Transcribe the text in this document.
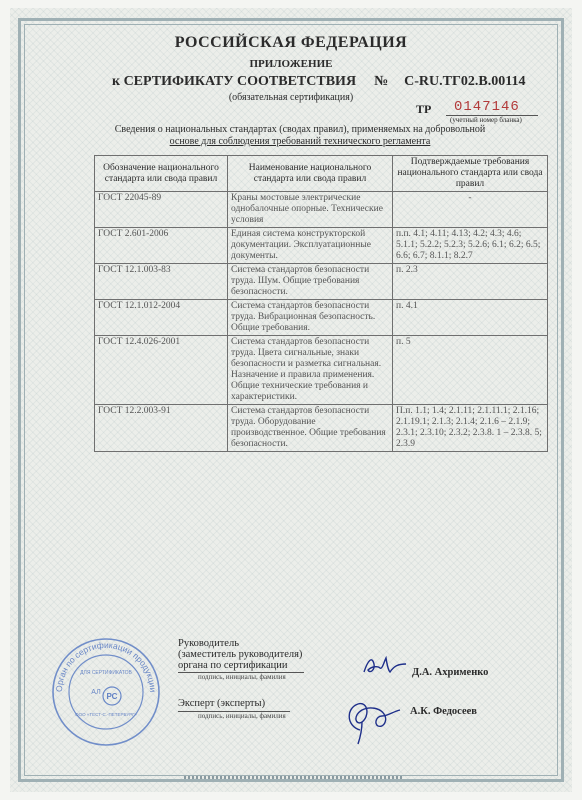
РОССИЙСКАЯ ФЕДЕРАЦИЯ
ПРИЛОЖЕНИЕ
к СЕРТИФИКАТУ СООТВЕТСТВИЯ № C-RU.ТГ02.В.00114
(обязательная сертификация)
ТР 0147146
(учетный номер бланка)
Сведения о национальных стандартах (сводах правил), применяемых на добровольной
основе для соблюдения требований технического регламента
Обозначение национального стандарта или свода правил	Наименование национального стандарта или свода правил	Подтверждаемые требования национального стандарта или свода правил
ГОСТ 22045-89	Краны мостовые электрические однобалочные опорные. Технические условия	-
ГОСТ 2.601-2006	Единая система конструкторской документации. Эксплуатационные документы.	п.п. 4.1; 4.11; 4.13; 4.2; 4.3; 4.6; 5.1.1; 5.2.2; 5.2.3; 5.2.6; 6.1; 6.2; 6.5; 6.6; 6.7; 8.1.1; 8.2.7
ГОСТ 12.1.003-83	Система стандартов безопасности труда. Шум. Общие требования безопасности.	п. 2.3
ГОСТ 12.1.012-2004	Система стандартов безопасности труда. Вибрационная безопасность. Общие требования.	п. 4.1
ГОСТ 12.4.026-2001	Система стандартов безопасности труда. Цвета сигнальные, знаки безопасности и разметка сигнальная. Назначение и правила применения. Общие технические требования и характеристики.	п. 5
ГОСТ 12.2.003-91	Система стандартов безопасности труда. Оборудование производственное. Общие требования безопасности.	П.п. 1.1; 1.4; 2.1.11; 2.1.11.1; 2.1.16; 2.1.19.1; 2.1.3; 2.1.4; 2.1.6 – 2.1.9; 2.3.1; 2.3.10; 2.3.2; 2.3.8. 1 – 2.3.8. 5; 2.3.9
Орган по сертификации продукции
ДЛЯ СЕРТИФИКАТОВ
АЛ РС
ООО «ТЕСТ-С.-ПЕТЕРБУРГ»
Руководитель
(заместитель руководителя)
органа по сертификации
подпись, инициалы, фамилия	Д.А. Ахрименко
Эксперт (эксперты)
подпись, инициалы, фамилия	А.К. Федосеев
